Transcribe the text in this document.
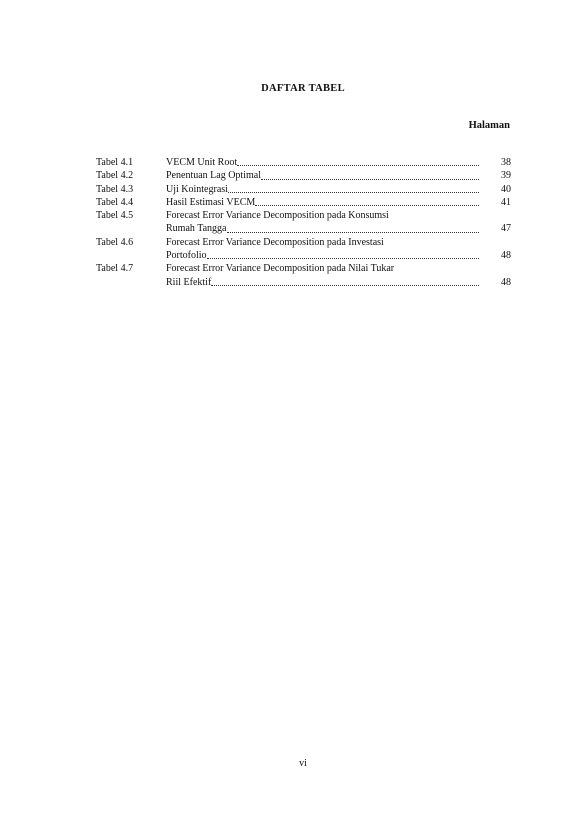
DAFTAR TABEL
Halaman
Tabel 4.1	VECM Unit Root	38
Tabel 4.2	Penentuan Lag Optimal	39
Tabel 4.3	Uji Kointegrasi	40
Tabel 4.4	Hasil Estimasi VECM	41
Tabel 4.5	Forecast Error Variance Decomposition pada Konsumsi
Rumah Tangga	47
Tabel 4.6	Forecast Error Variance Decomposition pada Investasi
Portofolio	48
Tabel 4.7	Forecast Error Variance Decomposition pada Nilai Tukar
Riil Efektif	48
vi
